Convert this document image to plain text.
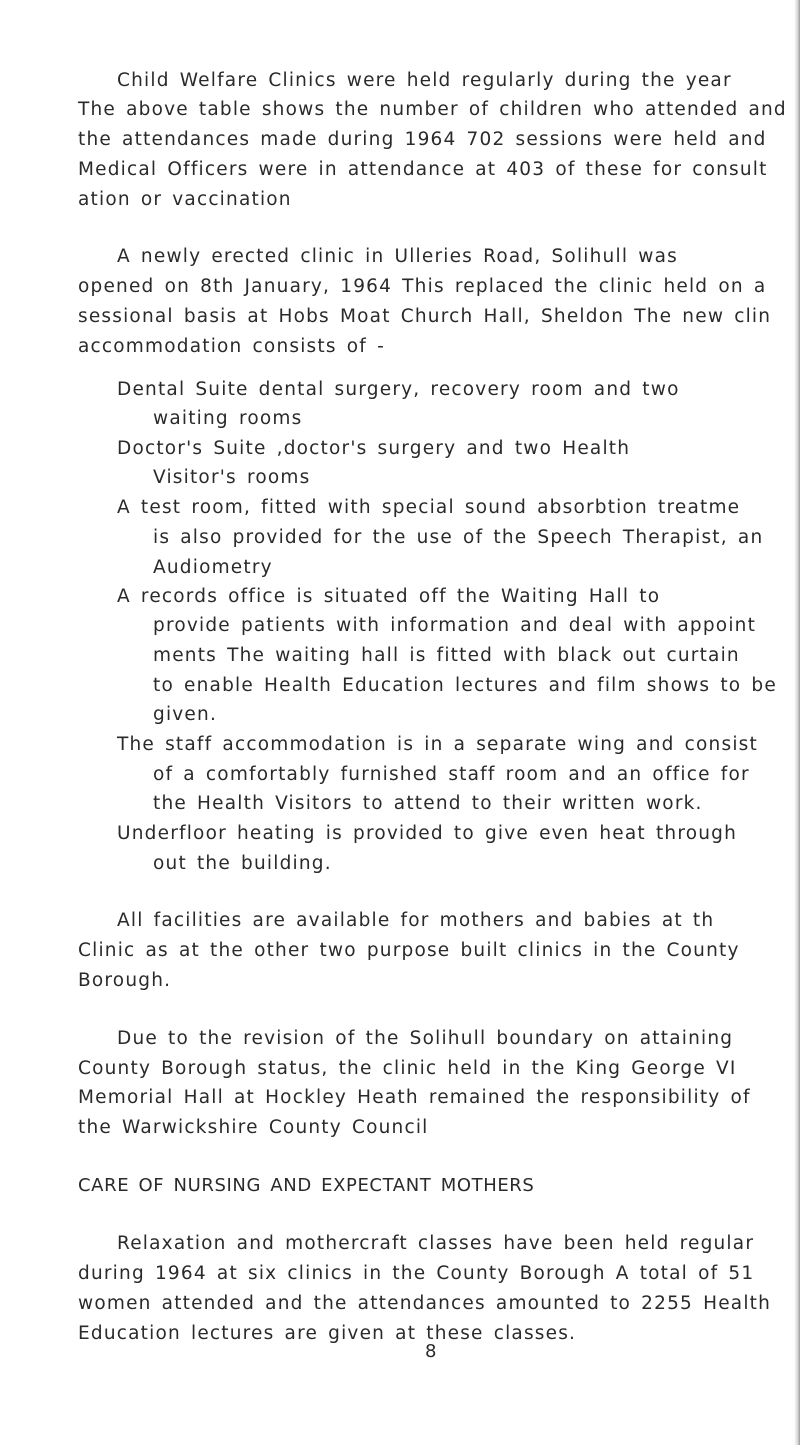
Child Welfare Clinics were held regularly during the year
The above table shows the number of children who attended and
the attendances made during 1964 702 sessions were held and
Medical Officers were in attendance at 403 of these for consult
ation or vaccination
A newly erected clinic in Ulleries Road, Solihull was
opened on 8th January, 1964 This replaced the clinic held on a
sessional basis at Hobs Moat Church Hall, Sheldon The new clin
accommodation consists of -
Dental Suite dental surgery, recovery room and two
waiting rooms
Doctor's Suite ,doctor's surgery and two Health
Visitor's rooms
A test room, fitted with special sound absorbtion treatme
is also provided for the use of the Speech Therapist, an
Audiometry
A records office is situated off the Waiting Hall to
provide patients with information and deal with appoint
ments The waiting hall is fitted with black out curtain
to enable Health Education lectures and film shows to be
given.
The staff accommodation is in a separate wing and consist
of a comfortably furnished staff room and an office for
the Health Visitors to attend to their written work.
Underfloor heating is provided to give even heat through
out the building.
All facilities are available for mothers and babies at th
Clinic as at the other two purpose built clinics in the County
Borough.
Due to the revision of the Solihull boundary on attaining
County Borough status, the clinic held in the King George VI
Memorial Hall at Hockley Heath remained the responsibility of
the Warwickshire County Council
CARE OF NURSING AND EXPECTANT MOTHERS
Relaxation and mothercraft classes have been held regular
during 1964 at six clinics in the County Borough A total of 51
women attended and the attendances amounted to 2255 Health
Education lectures are given at these classes.
8
